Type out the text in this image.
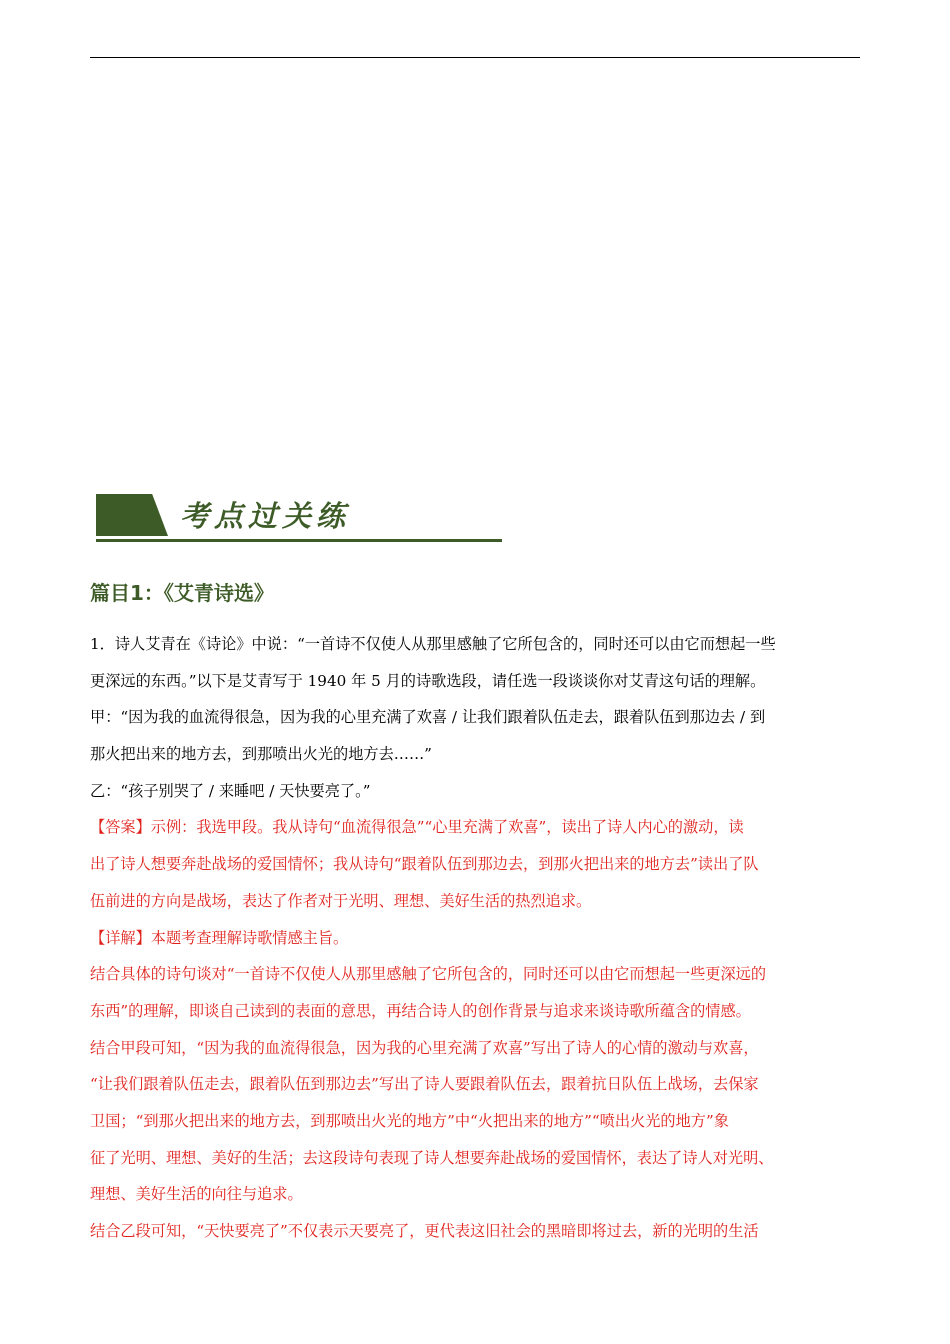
考点过关练
篇目1：《艾青诗选》
1．诗人艾青在《诗论》中说：“一首诗不仅使人从那里感触了它所包含的，同时还可以由它而想起一些
更深远的东西。”以下是艾青写于 1940 年 5 月的诗歌选段，请任选一段谈谈你对艾青这句话的理解。
甲：“因为我的血流得很急，因为我的心里充满了欢喜 / 让我们跟着队伍走去，跟着队伍到那边去 / 到
那火把出来的地方去，到那喷出火光的地方去……”
乙：“孩子别哭了 / 来睡吧 / 天快要亮了。”
【答案】示例：我选甲段。我从诗句“血流得很急”“心里充满了欢喜”，读出了诗人内心的激动，读
出了诗人想要奔赴战场的爱国情怀；我从诗句“跟着队伍到那边去，到那火把出来的地方去”读出了队
伍前进的方向是战场，表达了作者对于光明、理想、美好生活的热烈追求。
【详解】本题考查理解诗歌情感主旨。
结合具体的诗句谈对“一首诗不仅使人从那里感触了它所包含的，同时还可以由它而想起一些更深远的
东西”的理解，即谈自己读到的表面的意思，再结合诗人的创作背景与追求来谈诗歌所蕴含的情感。
结合甲段可知，“因为我的血流得很急，因为我的心里充满了欢喜”写出了诗人的心情的激动与欢喜，
“让我们跟着队伍走去，跟着队伍到那边去”写出了诗人要跟着队伍去，跟着抗日队伍上战场，去保家
卫国；“到那火把出来的地方去，到那喷出火光的地方”中“火把出来的地方”“喷出火光的地方”象
征了光明、理想、美好的生活；去这段诗句表现了诗人想要奔赴战场的爱国情怀，表达了诗人对光明、
理想、美好生活的向往与追求。
结合乙段可知，“天快要亮了”不仅表示天要亮了，更代表这旧社会的黑暗即将过去，新的光明的生活
